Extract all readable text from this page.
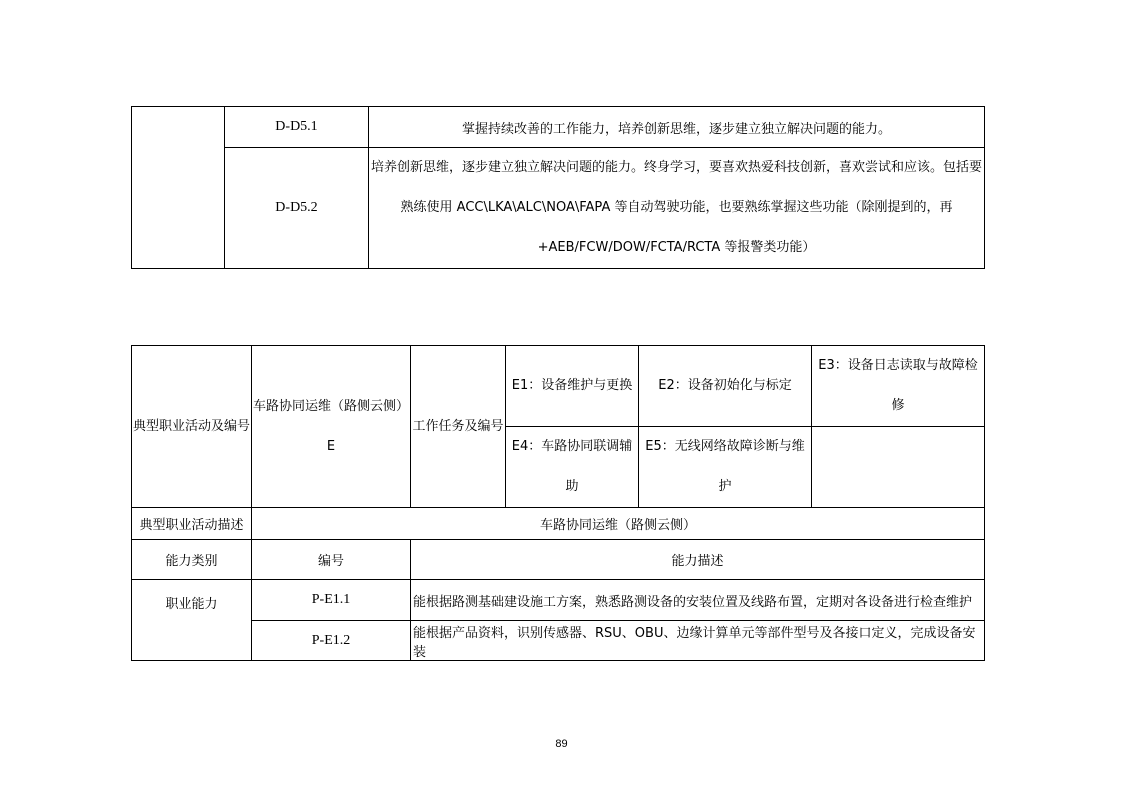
	D-D5.1	掌握持续改善的工作能力，培养创新思维，逐步建立独立解决问题的能力。
	D-D5.2	培养创新思维，逐步建立独立解决问题的能力。终身学习，要喜欢热爱科技创新，喜欢尝试和应该。包括要熟练使用 ACC\LKA\ALC\NOA\FAPA 等自动驾驶功能，也要熟练掌握这些功能（除刚提到的，再+AEB/FCW/DOW/FCTA/RCTA 等报警类功能）
典型职业活动及编号	车路协同运维（路侧云侧）E	工作任务及编号	E1：设备维护与更换	E2：设备初始化与标定	E3：设备日志读取与故障检修
			E4：车路协同联调辅助	E5：无线网络故障诊断与维护	
典型职业活动描述	车路协同运维（路侧云侧）				
能力类别	编号	能力描述			
职业能力	P-E1.1	能根据路测基础建设施工方案，熟悉路测设备的安装位置及线路布置，定期对各设备进行检查维护			
	P-E1.2	能根据产品资料，识别传感器、RSU、OBU、边缘计算单元等部件型号及各接口定义，完成设备安装			
89
